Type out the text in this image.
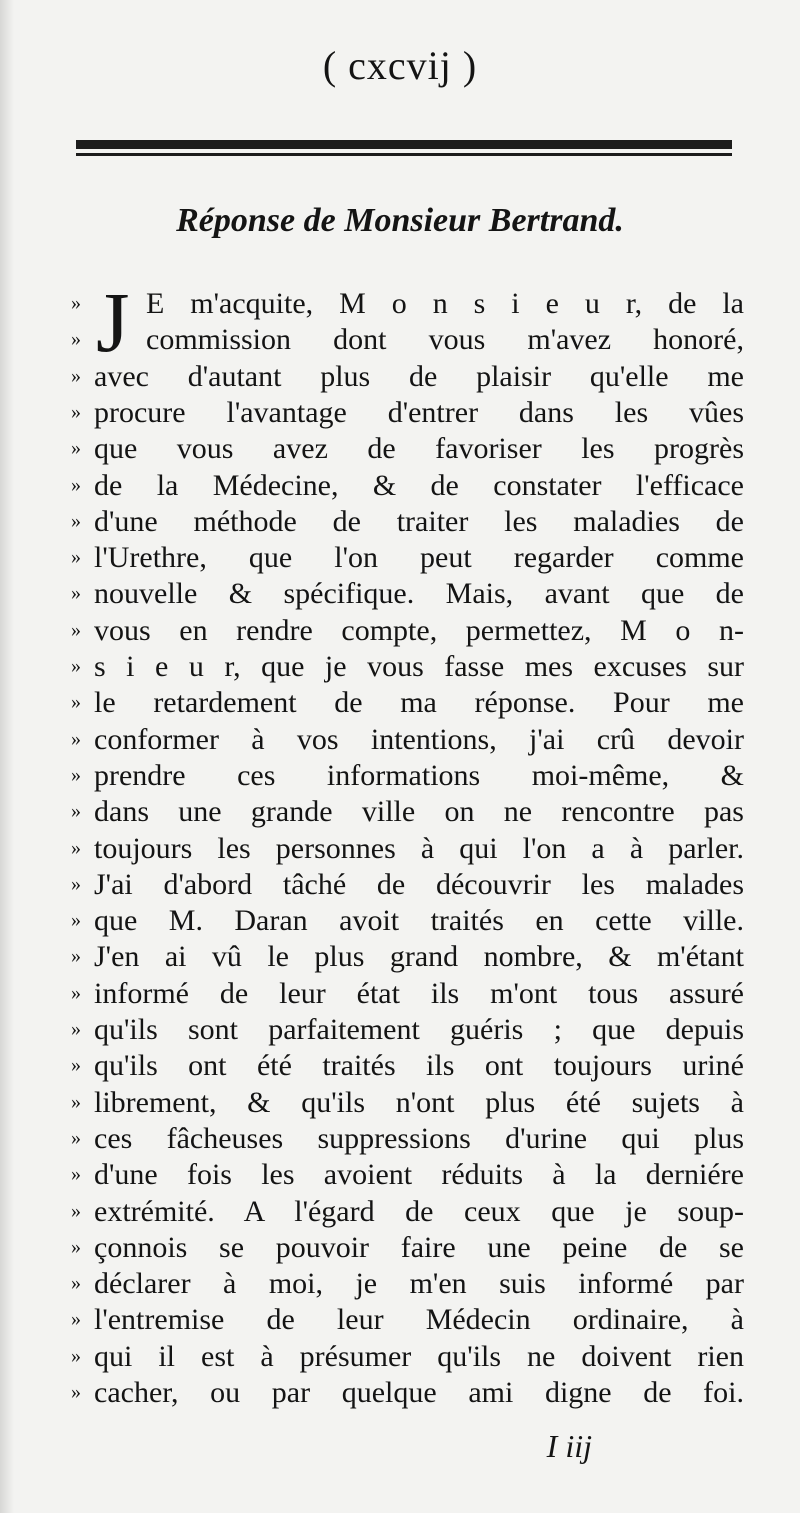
( cxcvij )
Réponse de Monsieur Bertrand.
J
»	E m'acquite, M o n s i e u r, de la
»	commission dont vous m'avez honoré,
» avec d'autant plus de plaisir qu'elle me
» procure l'avantage d'entrer dans les vûes
» que vous avez de favoriser les progrès
» de la Médecine, & de constater l'efficace
» d'une méthode de traiter les maladies de
» l'Urethre, que l'on peut regarder comme
» nouvelle & spécifique. Mais, avant que de
» vous en rendre compte, permettez, M o n-
» s i e u r, que je vous fasse mes excuses sur
» le retardement de ma réponse. Pour me
» conformer à vos intentions, j'ai crû devoir
» prendre ces informations moi-même, &
» dans une grande ville on ne rencontre pas
» toujours les personnes à qui l'on a à parler.
» J'ai d'abord tâché de découvrir les malades
» que M. Daran avoit traités en cette ville.
» J'en ai vû le plus grand nombre, & m'étant
» informé de leur état ils m'ont tous assuré
» qu'ils sont parfaitement guéris ; que depuis
» qu'ils ont été traités ils ont toujours uriné
» librement, & qu'ils n'ont plus été sujets à
» ces fâcheuses suppressions d'urine qui plus
» d'une fois les avoient réduits à la derniére
» extrémité. A l'égard de ceux que je soup-
» çonnois se pouvoir faire une peine de se
» déclarer à moi, je m'en suis informé par
» l'entremise de leur Médecin ordinaire, à
» qui il est à présumer qu'ils ne doivent rien
» cacher, ou par quelque ami digne de foi.
I iij
